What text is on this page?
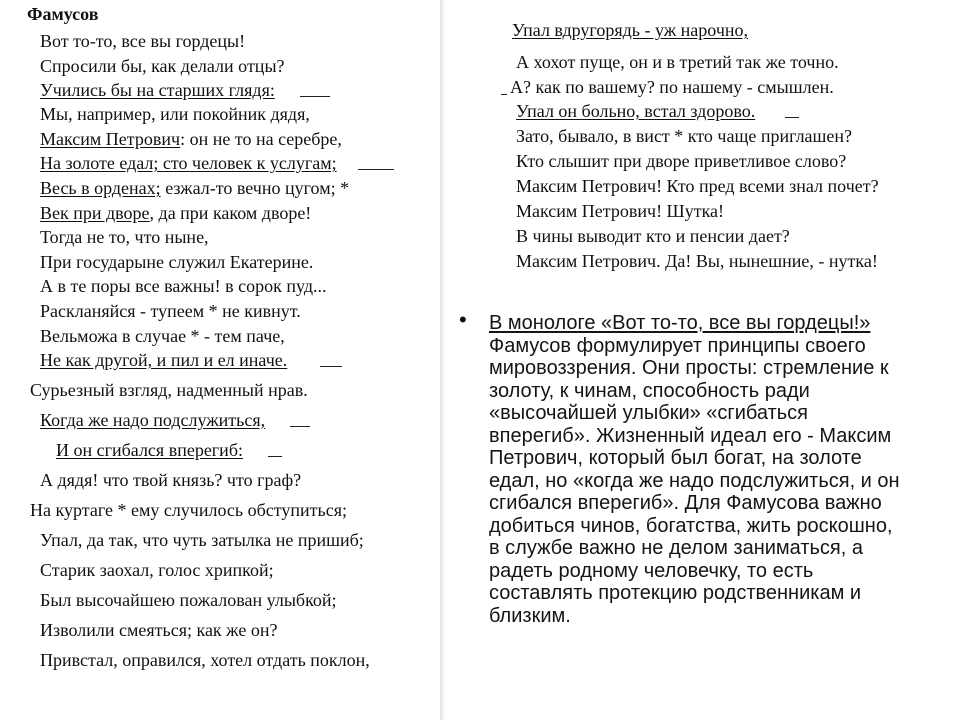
Фамусов
Вот то-то, все вы гордецы!
Спросили бы, как делали отцы?
Учились бы на старших глядя:
Мы, например, или покойник дядя,
Максим Петрович: он не то на серебре,
На золоте едал; сто человек к услугам;
Весь в орденах; езжал-то вечно цугом; *
Век при дворе, да при каком дворе!
Тогда не то, что ныне,
При государыне служил Екатерине.
А в те поры все важны! в сорок пуд...
Раскланяйся - тупеем * не кивнут.
Вельможа в случае * - тем паче,
Не как другой, и пил и ел иначе.
Сурьезный взгляд, надменный нрав.
Когда же надо подслужиться,
И он сгибался вперегиб:
А дядя! что твой князь? что граф?
На куртаге * ему случилось обступиться;
Упал, да так, что чуть затылка не пришиб;
Старик заохал, голос хрипкой;
Был высочайшею пожалован улыбкой;
Изволили смеяться; как же он?
Привстал, оправился, хотел отдать поклон,
Упал вдругорядь - уж нарочно,
А хохот пуще, он и в третий так же точно.
А? как по вашему? по нашему - смышлен.
Упал он больно, встал здорово.
Зато, бывало, в вист * кто чаще приглашен?
Кто слышит при дворе приветливое слово?
Максим Петрович! Кто пред всеми знал почет?
Максим Петрович! Шутка!
В чины выводит кто и пенсии дает?
Максим Петрович. Да! Вы, нынешние, - нутка!
• В монологе «Вот то-то, все вы гордецы!»
Фамусов формулирует принципы своего
мировоззрения. Они просты: стремление к
золоту, к чинам, способность ради
«высочайшей улыбки» «сгибаться
вперегиб». Жизненный идеал его - Максим
Петрович, который был богат, на золоте
едал, но «когда же надо подслужиться, и он
сгибался вперегиб». Для Фамусова важно
добиться чинов, богатства, жить роскошно,
в службе важно не делом заниматься, а
радеть родному человечку, то есть
составлять протекцию родственникам и
близким.
